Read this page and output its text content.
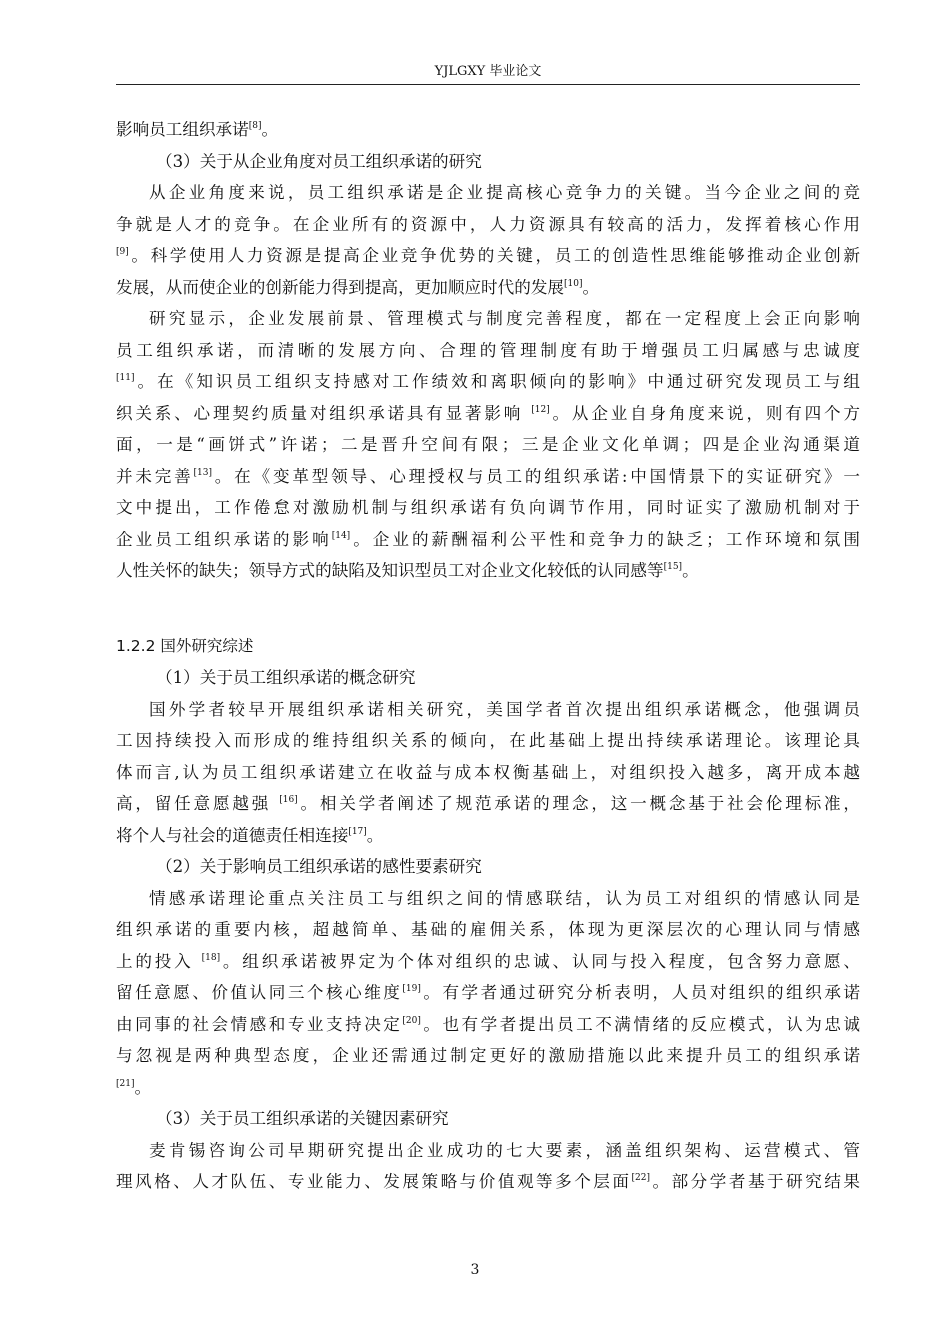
YJLGXY 毕业论文
影响员工组织承诺[8]。
（3）关于从企业角度对员工组织承诺的研究
从企业角度来说，员工组织承诺是企业提高核心竞争力的关键。当今企业之间的竞
争就是人才的竞争。在企业所有的资源中，人力资源具有较高的活力，发挥着核心作用
[9]。科学使用人力资源是提高企业竞争优势的关键，员工的创造性思维能够推动企业创新
发展，从而使企业的创新能力得到提高，更加顺应时代的发展[10]。
研究显示，企业发展前景、管理模式与制度完善程度，都在一定程度上会正向影响
员工组织承诺，而清晰的发展方向、合理的管理制度有助于增强员工归属感与忠诚度
[11]。在《知识员工组织支持感对工作绩效和离职倾向的影响》中通过研究发现员工与组
织关系、心理契约质量对组织承诺具有显著影响 [12]。从企业自身角度来说，则有四个方
面，一是“画饼式”许诺；二是晋升空间有限；三是企业文化单调；四是企业沟通渠道
并未完善[13]。在《变革型领导、心理授权与员工的组织承诺:中国情景下的实证研究》一
文中提出，工作倦怠对激励机制与组织承诺有负向调节作用，同时证实了激励机制对于
企业员工组织承诺的影响[14]。企业的薪酬福利公平性和竞争力的缺乏；工作环境和氛围
人性关怀的缺失；领导方式的缺陷及知识型员工对企业文化较低的认同感等[15]。
1.2.2 国外研究综述
（1）关于员工组织承诺的概念研究
国外学者较早开展组织承诺相关研究，美国学者首次提出组织承诺概念，他强调员
工因持续投入而形成的维持组织关系的倾向，在此基础上提出持续承诺理论。该理论具
体而言,认为员工组织承诺建立在收益与成本权衡基础上，对组织投入越多，离开成本越
高，留任意愿越强 [16]。相关学者阐述了规范承诺的理念，这一概念基于社会伦理标准，
将个人与社会的道德责任相连接[17]。
（2）关于影响员工组织承诺的感性要素研究
情感承诺理论重点关注员工与组织之间的情感联结，认为员工对组织的情感认同是
组织承诺的重要内核，超越简单、基础的雇佣关系，体现为更深层次的心理认同与情感
上的投入 [18]。组织承诺被界定为个体对组织的忠诚、认同与投入程度，包含努力意愿、
留任意愿、价值认同三个核心维度[19]。有学者通过研究分析表明，人员对组织的组织承诺
由同事的社会情感和专业支持决定[20]。也有学者提出员工不满情绪的反应模式，认为忠诚
与忽视是两种典型态度，企业还需通过制定更好的激励措施以此来提升员工的组织承诺
[21]。
（3）关于员工组织承诺的关键因素研究
麦肯锡咨询公司早期研究提出企业成功的七大要素，涵盖组织架构、运营模式、管
理风格、人才队伍、专业能力、发展策略与价值观等多个层面[22]。部分学者基于研究结果
3
